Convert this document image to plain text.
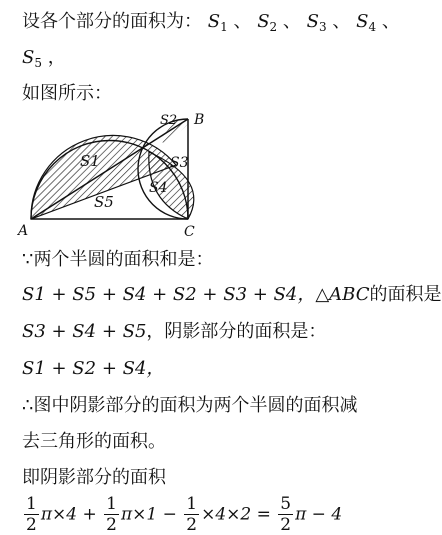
设各个部分的面积为： $S_1$ 、 $S_2$ 、 $S_3$ 、 $S_4$ 、
$S_5$ ，
如图所示：
A
B
C
S1
S2
S3
S4
S5
∵两个半圆的面积和是：
S1 + S5 + S4 + S2 + S3 + S4，△ABC的面积是
S3 + S4 + S5，阴影部分的面积是：
S1 + S2 + S4，
∴图中阴影部分的面积为两个半圆的面积减
去三角形的面积。
即阴影部分的面积
$\frac{1}{2} \pi\times 4 + \frac{1}{2} \pi\times 1 - \frac{1}{2} \times 4\times 2 = \frac{5}{2}$ π − 4
